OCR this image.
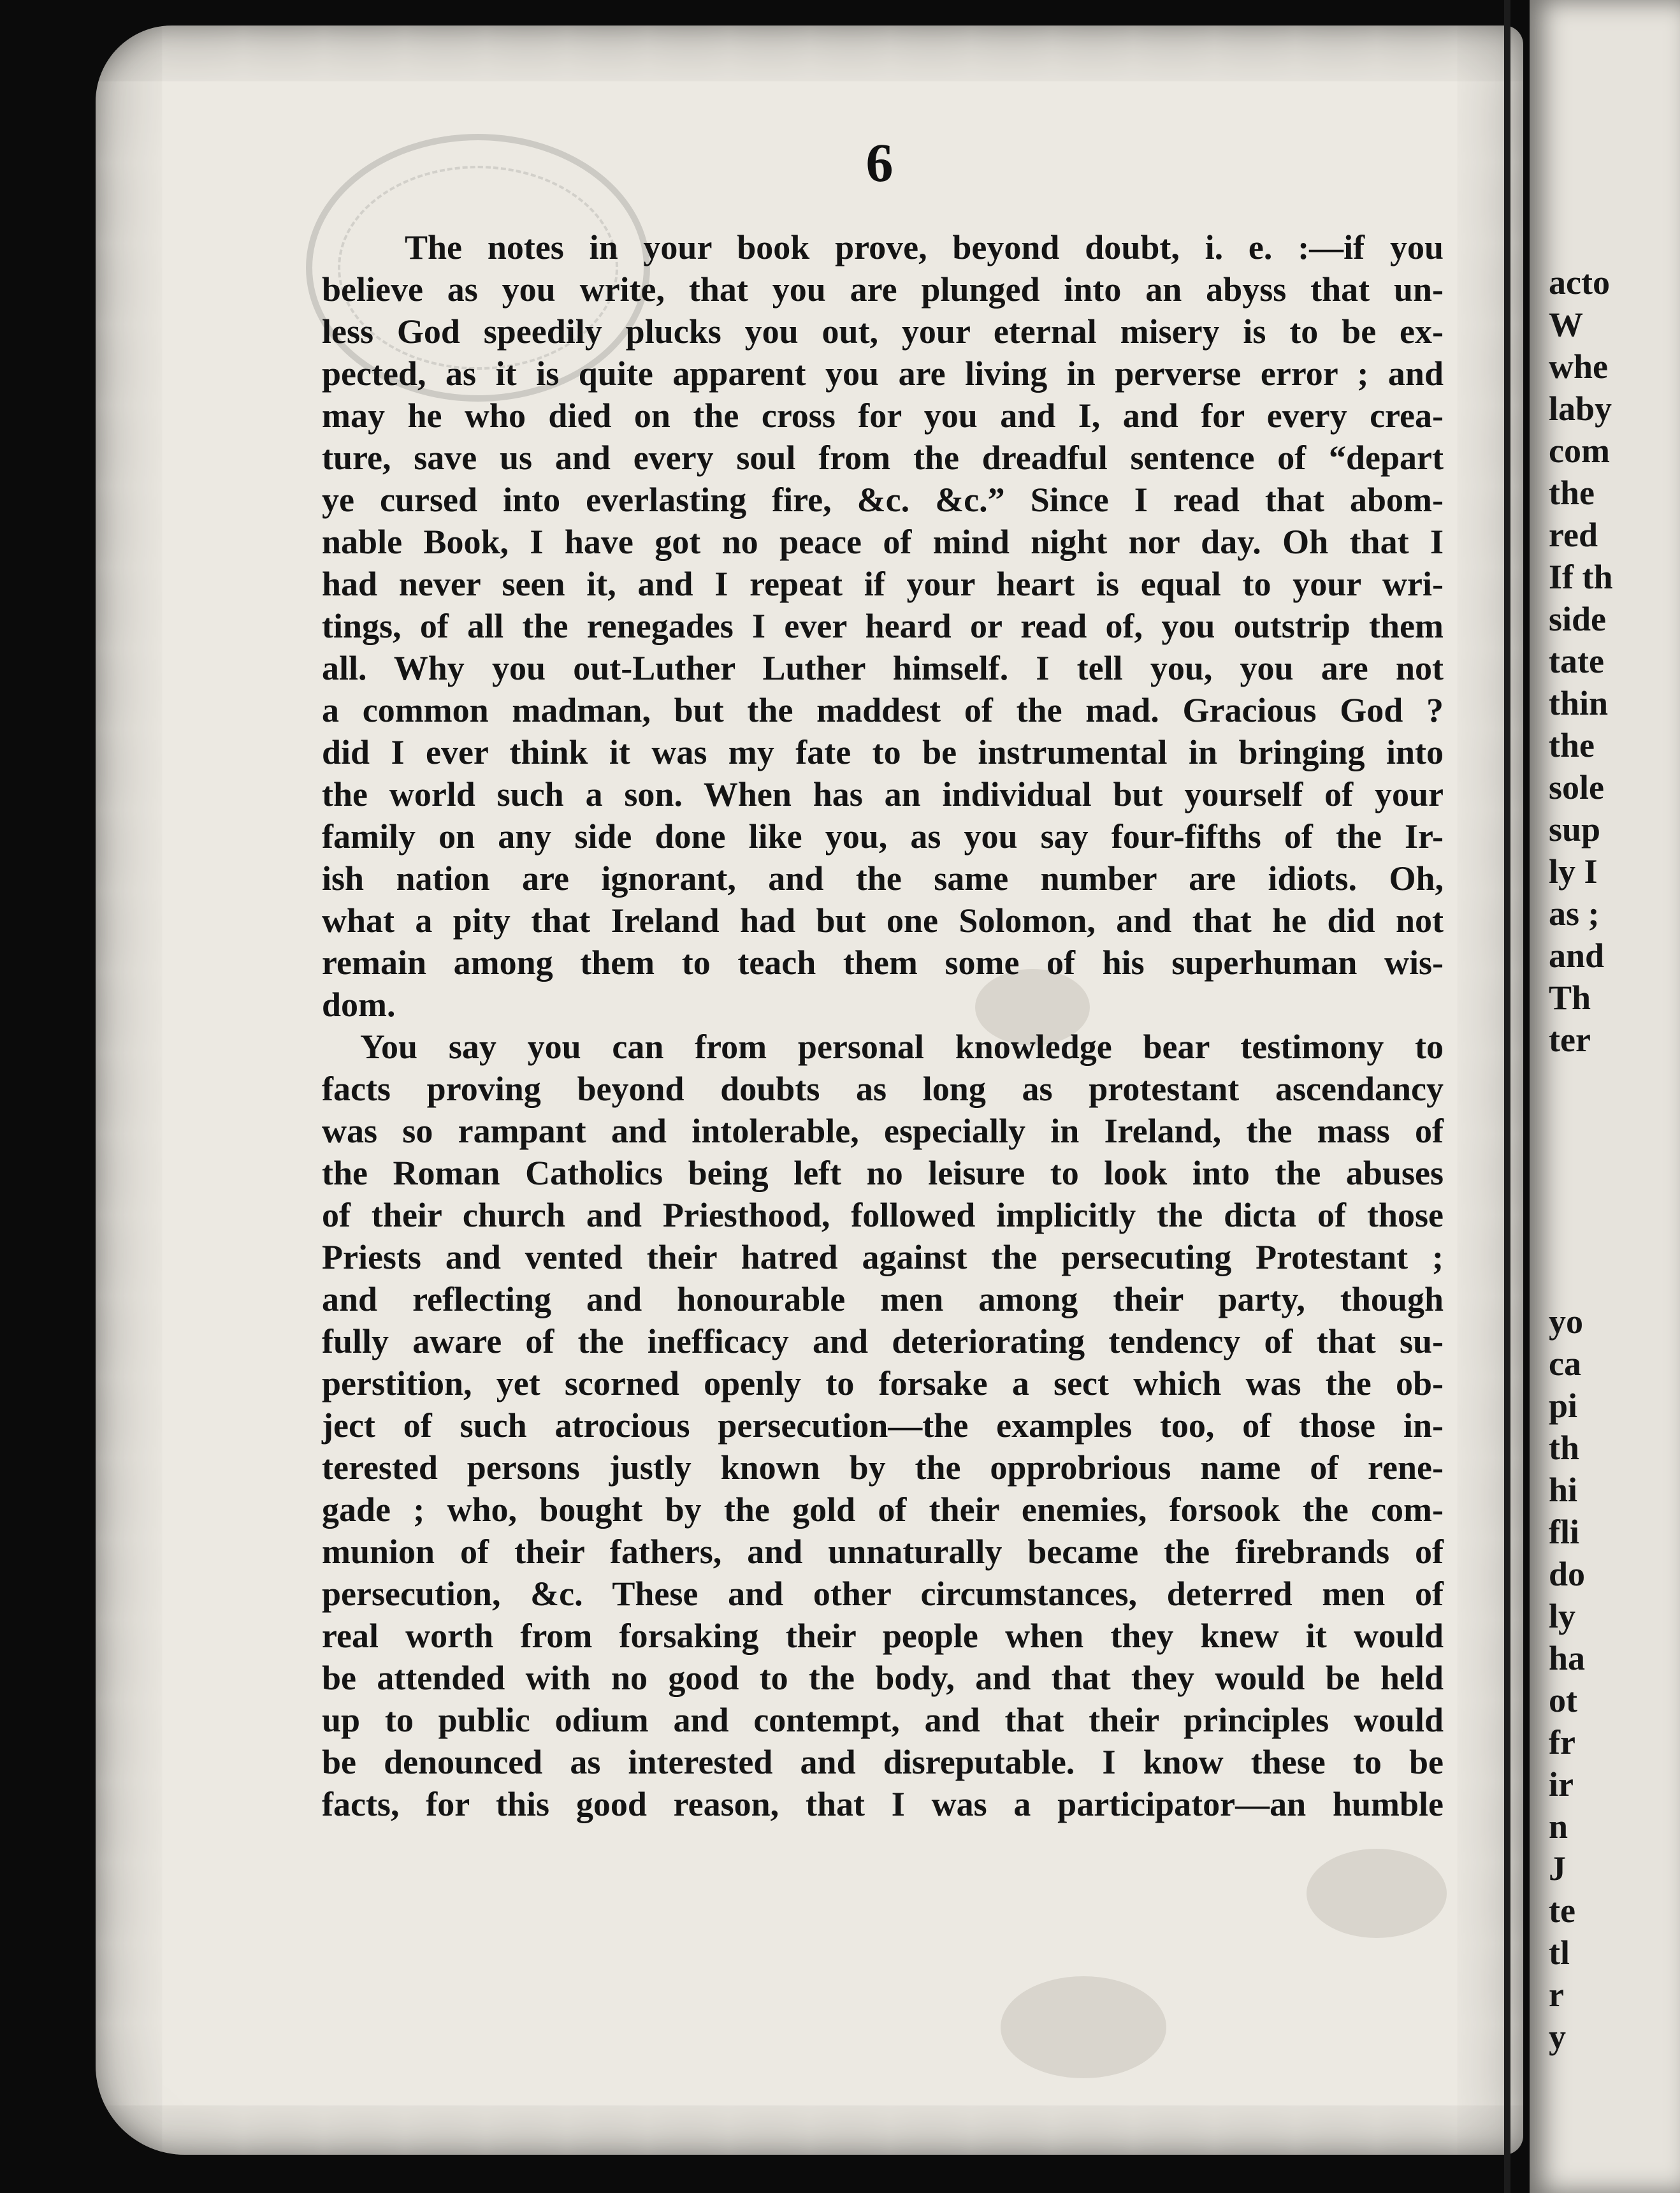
6
The notes in your book prove, beyond doubt, i. e. :—if you
believe as you write, that you are plunged into an abyss that un-
less God speedily plucks you out, your eternal misery is to be ex-
pected, as it is quite apparent you are living in perverse error ; and
may he who died on the cross for you and I, and for every crea-
ture, save us and every soul from the dreadful sentence of “depart
ye cursed into everlasting fire, &c. &c.” Since I read that abom-
nable Book, I have got no peace of mind night nor day. Oh that I
had never seen it, and I repeat if your heart is equal to your wri-
tings, of all the renegades I ever heard or read of, you outstrip them
all. Why you out-Luther Luther himself. I tell you, you are not
a common madman, but the maddest of the mad. Gracious God ?
did I ever think it was my fate to be instrumental in bringing into
the world such a son. When has an individual but yourself of your
family on any side done like you, as you say four-fifths of the Ir-
ish nation are ignorant, and the same number are idiots. Oh,
what a pity that Ireland had but one Solomon, and that he did not
remain among them to teach them some of his superhuman wis-
dom.
You say you can from personal knowledge bear testimony to
facts proving beyond doubts as long as protestant ascendancy
was so rampant and intolerable, especially in Ireland, the mass of
the Roman Catholics being left no leisure to look into the abuses
of their church and Priesthood, followed implicitly the dicta of those
Priests and vented their hatred against the persecuting Protestant ;
and reflecting and honourable men among their party, though
fully aware of the inefficacy and deteriorating tendency of that su-
perstition, yet scorned openly to forsake a sect which was the ob-
ject of such atrocious persecution—the examples too, of those in-
terested persons justly known by the opprobrious name of rene-
gade ; who, bought by the gold of their enemies, forsook the com-
munion of their fathers, and unnaturally became the firebrands of
persecution, &c. These and other circumstances, deterred men of
real worth from forsaking their people when they knew it would
be attended with no good to the body, and that they would be held
up to public odium and contempt, and that their principles would
be denounced as interested and disreputable. I know these to be
facts, for this good reason, that I was a participator—an humble
acto
W
whe
laby
com
the
red
If th
side
tate
thin
the
sole
sup
ly I
as ;
and
Th
ter
yo
ca
pi
th
hi
fli
do
ly
ha
ot
fr
ir
n
J
te
tl
r
y
